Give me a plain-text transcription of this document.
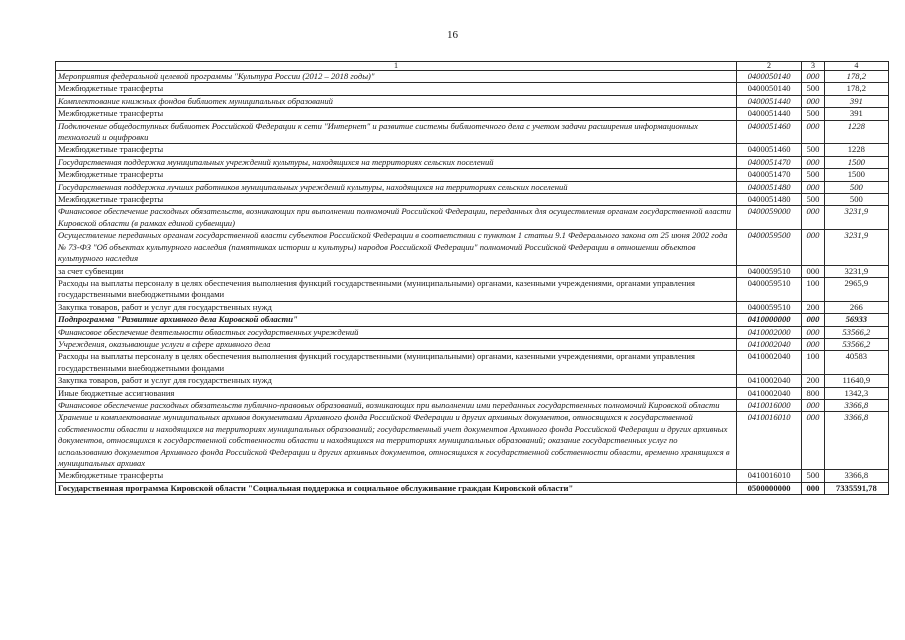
16
1	2	3	4
Мероприятия федеральной целевой программы "Культура России (2012 – 2018 годы)"	0400050140	000	178,2
Межбюджетные трансферты	0400050140	500	178,2
Комплектование книжных фондов библиотек муниципальных образований	0400051440	000	391
Межбюджетные трансферты	0400051440	500	391
Подключение общедоступных библиотек Российской Федерации к сети "Интернет" и развитие системы библиотечного дела с учетом задачи расширения информационных технологий и оцифровки	0400051460	000	1228
Межбюджетные трансферты	0400051460	500	1228
Государственная поддержка муниципальных учреждений культуры, находящихся на территориях сельских поселений	0400051470	000	1500
Межбюджетные трансферты	0400051470	500	1500
Государственная поддержка лучших работников муниципальных учреждений культуры, находящихся на территориях сельских поселений	0400051480	000	500
Межбюджетные трансферты	0400051480	500	500
Финансовое обеспечение расходных обязательств, возникающих при выполнении полномочий Российской Федерации, переданных для осуществления органам государственной власти Кировской области (в рамках единой субвенции)	0400059000	000	3231,9
Осуществление переданных органам государственной власти субъектов Российской Федерации в соответствии с пунктом 1 статьи 9.1 Федерального закона от 25 июня 2002 года № 73-ФЗ "Об объектах культурного наследия (памятниках истории и культуры) народов Российской Федерации" полномочий Российской Федерации в отношении объектов культурного наследия	0400059500	000	3231,9
за счет субвенции	0400059510	000	3231,9
Расходы на выплаты персоналу в целях обеспечения выполнения функций государственными (муниципальными) органами, казенными учреждениями, органами управления государственными внебюджетными фондами	0400059510	100	2965,9
Закупка товаров, работ и услуг для государственных нужд	0400059510	200	266
Подпрограмма "Развитие архивного дела Кировской области"	0410000000	000	56933
Финансовое обеспечение деятельности областных государственных учреждений	0410002000	000	53566,2
Учреждения, оказывающие услуги в сфере архивного дела	0410002040	000	53566,2
Расходы на выплаты персоналу в целях обеспечения выполнения функций государственными (муниципальными) органами, казенными учреждениями, органами управления государственными внебюджетными фондами	0410002040	100	40583
Закупка товаров, работ и услуг для государственных нужд	0410002040	200	11640,9
Иные бюджетные ассигнования	0410002040	800	1342,3
Финансовое обеспечение расходных обязательств публично-правовых образований, возникающих при выполнении ими переданных государственных полномочий Кировской области	0410016000	000	3366,8
Хранение и комплектование муниципальных архивов документами Архивного фонда Российской Федерации и других архивных документов, относящихся к государственной собственности области и находящихся на территориях муниципальных образований; государственный учет документов Архивного фонда Российской Федерации и других архивных документов, относящихся к государственной собственности области и находящихся на территориях муниципальных образований; оказание государственных услуг по использованию документов Архивного фонда Российской Федерации и других архивных документов, относящихся к государственной собственности области, временно хранящихся в муниципальных архивах	0410016010	000	3366,8
Межбюджетные трансферты	0410016010	500	3366,8
Государственная программа Кировской области "Социальная поддержка и социальное обслуживание граждан Кировской области"	0500000000	000	7335591,78
